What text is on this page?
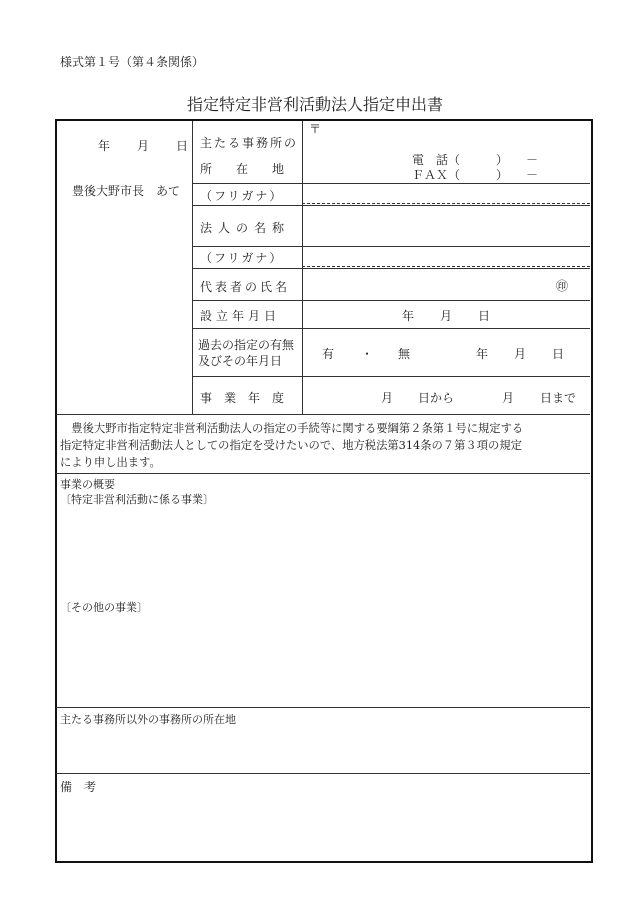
様式第１号（第４条関係）
指定特定非営利活動法人指定申出書
年 月 日
豊後大野市長　あて
主たる事務所の
所　　在　　地
〒
電　話（　　　）　　－
ＦＡＸ（　　　）　　－
（フリガナ）
法人の名称
（フリガナ）
代表者の氏名	㊞
設立年月日	年 月 日
過去の指定の有無
及びその年月日	有 ・ 無	年 月 日
事　業　年　度	月 日から	月 日まで
　豊後大野市指定特定非営利活動法人の指定の手続等に関する要綱第２条第１号に規定する
指定特定非営利活動法人としての指定を受けたいので、地方税法第314条の７第３項の規定
により申し出ます。
事業の概要
〔特定非営利活動に係る事業〕
〔その他の事業〕
主たる事務所以外の事務所の所在地
備　考
